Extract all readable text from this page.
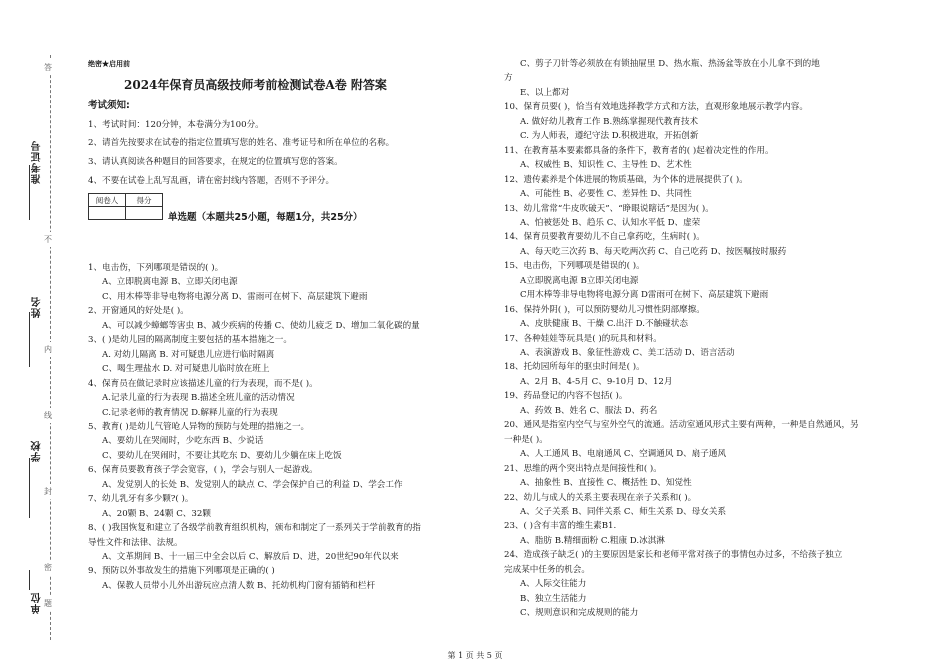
准考证号
姓名
学校
单位
答
不
内
线
封
密
题
绝密★启用前
2024年保育员高级技师考前检测试卷A卷 附答案
考试须知:
1、考试时间：120分钟，本卷满分为100分。
2、请首先按要求在试卷的指定位置填写您的姓名、准考证号和所在单位的名称。
3、请认真阅读各种题目的回答要求，在规定的位置填写您的答案。
4、不要在试卷上乱写乱画，请在密封线内答题，否则不予评分。
单选题（本题共25小题，每题1分，共25分）
1、电击伤，下列哪项是错误的( )。
A、立即脱离电源 B、立即关闭电源
C、用木棒等非导电物将电源分离 D、雷雨可在树下、高层建筑下避雨
2、开窗通风的好处是( )。
A、可以减少蟑螂等害虫 B、减少疾病的传播 C、使幼儿疲乏 D、增加二氧化碳的量
3、( )是幼儿园的隔离制度主要包括的基本措施之一。
A. 对幼儿隔离 B. 对可疑患儿应进行临时隔离
C、喝生理盐水 D. 对可疑患儿临时放在班上
4、保育员在做记录时应该描述儿童的行为表现，而不是( )。
A.记录儿童的行为表现 B.描述全班儿童的活动情况
C.记录老师的教育情况 D.解释儿童的行为表现
5、教育( )是幼儿气管呛人异物的预防与处理的措施之一。
A、要幼儿在哭闹时，少吃东西 B、少说话
C、要幼儿在哭闹时，不要让其吃东 D、要幼儿少躺在床上吃饭
6、保育员要教育孩子学会宽容，( )，学会与别人一起游戏。
A、发觉别人的长处 B、发觉别人的缺点 C、学会保护自己的利益 D、学会工作
7、幼儿乳牙有多少颗?( )。
A、20颗 B、24颗 C、32颗
8、( )我国恢复和建立了各级学前教育组织机构，颁布和制定了一系列关于学前教育的指
导性文件和法律、法规。
A、文革期间 B、十一届三中全会以后 C、解放后 D、进，20世纪90年代以来
9、预防以外事故发生的措施下列哪项是正确的( )
A、保教人员带小儿外出游玩应点清人数 B、托幼机构门窗有插销和栏杆
阅卷人	得分

C、剪子刀针等必须放在有锁抽屉里 D、热水瓶、热汤盆等放在小儿拿不到的地
方
E、以上都对
10、保育员要( )，恰当有效地选择教学方式和方法，直观形象地展示教学内容。
A. 做好幼儿教育工作 B.熟练掌握现代教育技术
C. 为人师表，遵纪守法 D.积极进取，开拓创新
11、在教育基本要素都具备的条件下，教育者的( )起着决定性的作用。
A、权威性 B、知识性 C、主导性 D、艺术性
12、遗传素养是个体进展的物质基础，为个体的进展提供了( )。
A、可能性 B、必要性 C、差异性 D、共同性
13、幼儿常常“牛皮吹破天”、“睁眼说瞎话”是因为( )。
A、怕被惩处 B、趋乐 C、认知水平低 D、虚荣
14、保育员要教育要幼儿不自己拿药吃，生病时( )。
A、每天吃三次药 B、每天吃两次药 C、自己吃药 D、按医嘱按时服药
15、电击伤，下列哪项是错误的( )。
A立即脱离电源 B立即关闭电源
C用木棒等非导电物将电源分离 D雷雨可在树下、高层建筑下避雨
16、保持外阴( )，可以预防婴幼儿习惯性阴部摩擦。
A、皮肤健康 B、干燥 C.出汗 D.不触碰状态
17、各种娃娃等玩具是( )的玩具和材料。
A、表演游戏 B、象征性游戏 C、美工活动 D、语言活动
18、托幼园所每年的驱虫时间是( )。
A、2月 B、4-5月 C、9-10月 D、12月
19、药品登记的内容不包括( )。
A、药效 B、姓名 C、服法 D、药名
20、通风是指室内空气与室外空气的流通。活动室通风形式主要有两种，一种是自然通风，另
一种是( )。
A、人工通风 B、电扇通风 C、空调通风 D、扇子通风
21、思维的两个突出特点是间接性和( )。
A、抽象性 B、直接性 C、概括性 D、知觉性
22、幼儿与成人的关系主要表现在亲子关系和( )。
A、父子关系 B、同伴关系 C、师生关系 D、母女关系
23、( )含有丰富的维生素B1.
A、脂肪 B.精细面粉 C.粗康 D.冰淇淋
24、造成孩子缺乏( )的主要原因是家长和老师平常对孩子的事情包办过多，不给孩子独立
完成某中任务的机会。
A、人际交往能力
B、独立生活能力
C、规则意识和完成规则的能力
第 1 页 共 5 页
